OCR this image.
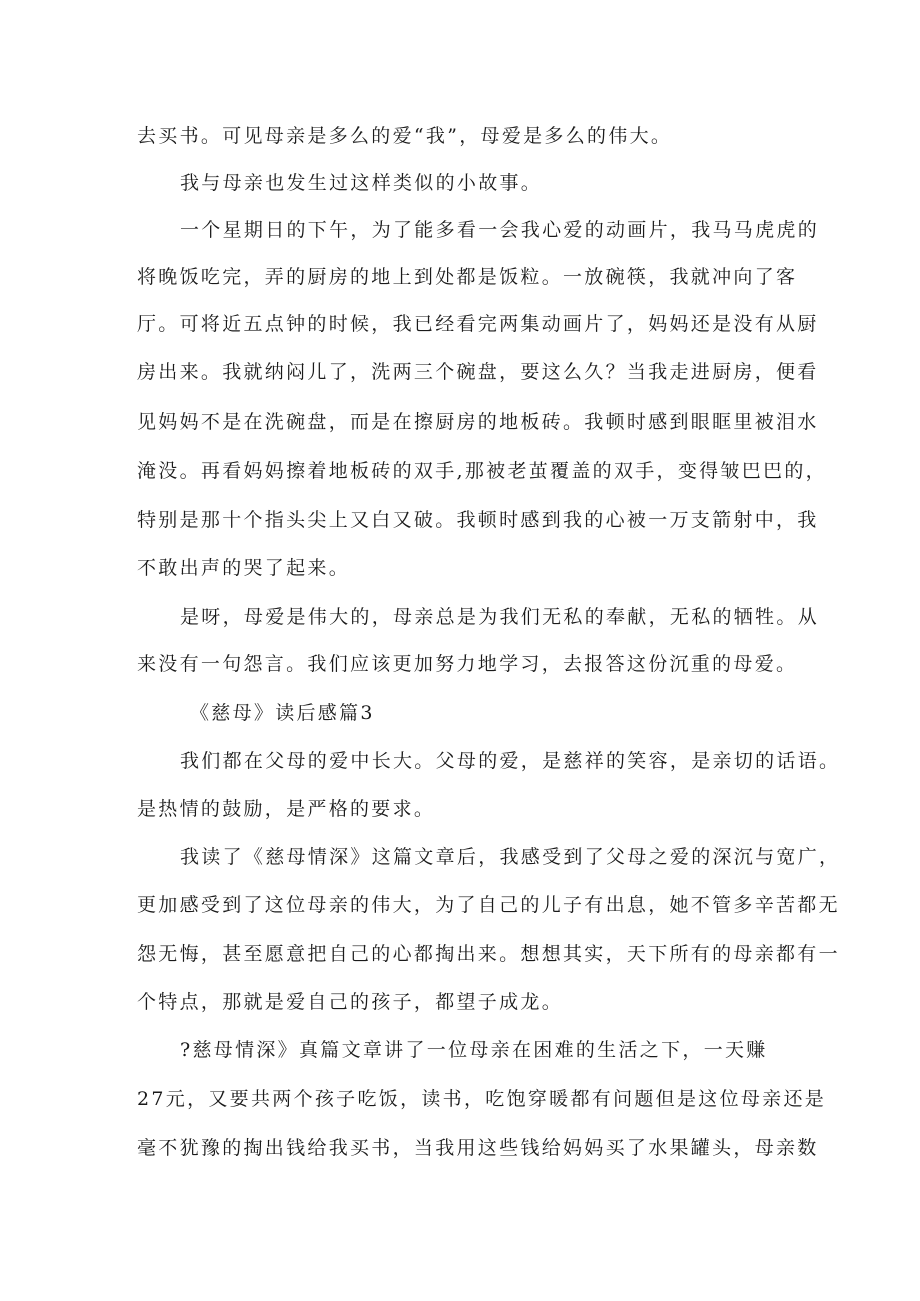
去买书。可见母亲是多么的爱“我”，母爱是多么的伟大。

我与母亲也发生过这样类似的小故事。

一个星期日的下午，为了能多看一会我心爱的动画片，我马马虎虎的

将晚饭吃完，弄的厨房的地上到处都是饭粒。一放碗筷，我就冲向了客

厅。可将近五点钟的时候，我已经看完两集动画片了，妈妈还是没有从厨

房出来。我就纳闷儿了，洗两三个碗盘，要这么久？当我走进厨房，便看

见妈妈不是在洗碗盘，而是在擦厨房的地板砖。我顿时感到眼眶里被泪水

淹没。再看妈妈擦着地板砖的双手,那被老茧覆盖的双手，变得皱巴巴的，

特别是那十个指头尖上又白又破。我顿时感到我的心被一万支箭射中，我

不敢出声的哭了起来。

是呀，母爱是伟大的，母亲总是为我们无私的奉献，无私的牺牲。从

来没有一句怨言。我们应该更加努力地学习，去报答这份沉重的母爱。

《慈母》读后感篇3

我们都在父母的爱中长大。父母的爱，是慈祥的笑容，是亲切的话语。

是热情的鼓励，是严格的要求。

我读了《慈母情深》这篇文章后，我感受到了父母之爱的深沉与宽广，

更加感受到了这位母亲的伟大，为了自己的儿子有出息，她不管多辛苦都无

怨无悔，甚至愿意把自己的心都掏出来。想想其实，天下所有的母亲都有一

个特点，那就是爱自己的孩子，都望子成龙。

?慈母情深》真篇文章讲了一位母亲在困难的生活之下，一天赚

27元，又要共两个孩子吃饭，读书，吃饱穿暖都有问题但是这位母亲还是

毫不犹豫的掏出钱给我买书，当我用这些钱给妈妈买了水果罐头，母亲数
